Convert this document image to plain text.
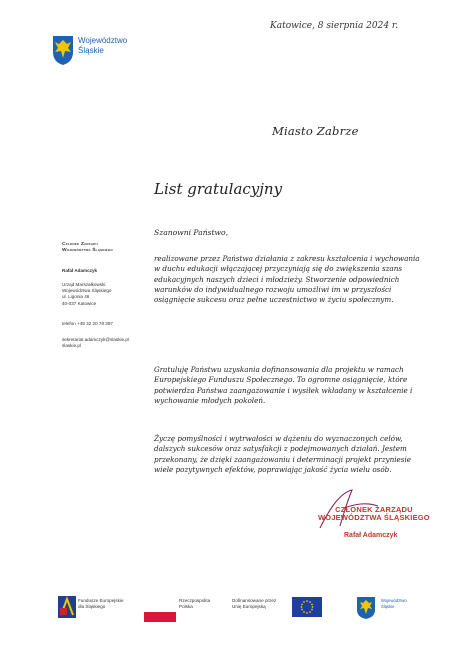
Województwo
Śląskie
Katowice, 8 sierpnia 2024 r.
Miasto Zabrze
List gratulacyjny
Szanowni Państwo,
realizowane przez Państwa działania z zakresu kształcenia i wychowania w duchu edukacji włączającej przyczyniają się do zwiększenia szans edukacyjnych naszych dzieci i młodzieży. Stworzenie odpowiednich warunków do indywidualnego rozwoju umożliwi im w przyszłości osiągnięcie sukcesu oraz pełne uczestnictwo w życiu społecznym.
Gratuluję Państwu uzyskania dofinansowania dla projektu w ramach Europejskiego Funduszu Społecznego. To ogromne osiągnięcie, które potwierdza Państwa zaangażowanie i wysiłek wkładany w kształcenie i wychowanie młodych pokoleń.
Życzę pomyślności i wytrwałości w dążeniu do wyznaczonych celów, dalszych sukcesów oraz satysfakcji z podejmowanych działań. Jestem przekonany, że dzięki zaangażowaniu i determinacji projekt przyniesie wiele pozytywnych efektów, poprawiając jakość życia wielu osób.
Członek Zarządu
Województwa Śląskiego
Rafał Adamczyk
Urząd Marszałkowski
Województwa Śląskiego
ul. Ligonia 46
40-037 Katowice
telefon +48 32 20 78 387
sekretariat.adamczyk@slaskie.pl
slaskie.pl
CZŁONEK ZARZĄDU
WOJEWÓDZTWA ŚLĄSKIEGO
Rafał Adamczyk
Fundusze Europejskie
dla Śląskiego
Rzeczpospolita
Polska
Dofinansowane przez
Unię Europejską
Województwo
Śląskie
